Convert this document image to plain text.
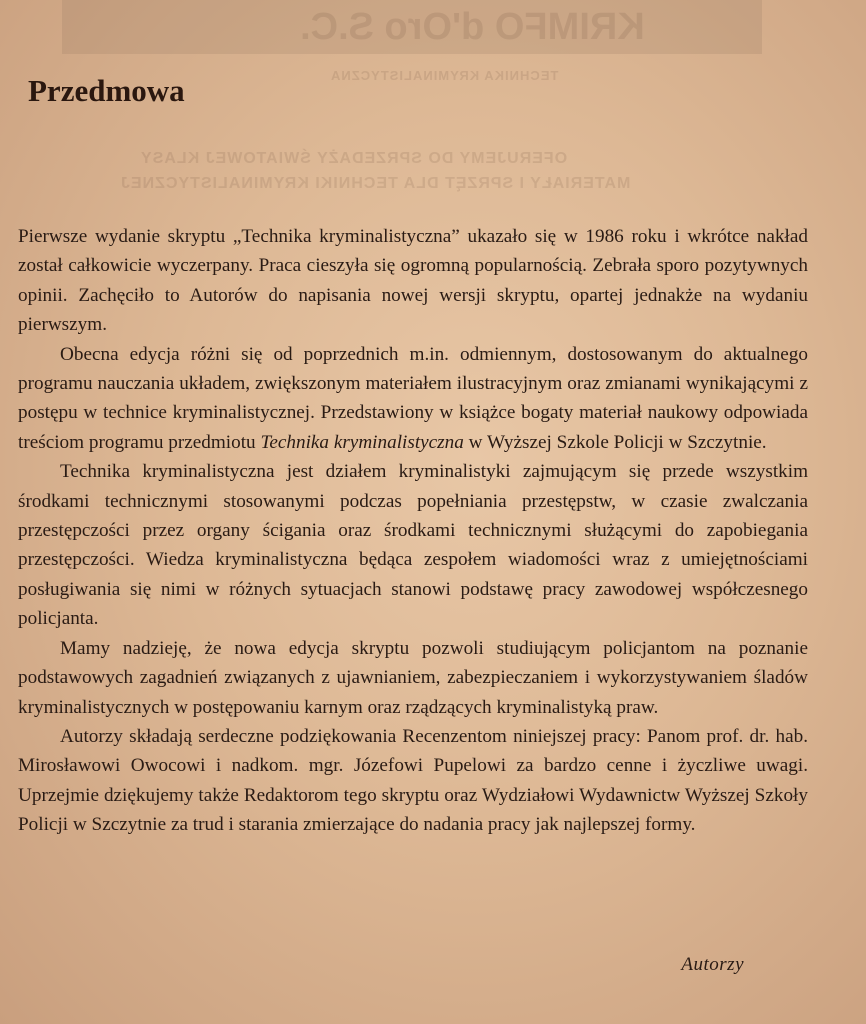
KRIMFO d'Oro S.C.
TECHNIKA KRYMINALISTYCZNA
OFERUJEMY DO SPRZEDAŻY ŚWIATOWEJ KLASY
MATERIAŁY I SPRZĘT DLA TECHNIKI KRYMINALISTYCZNEJ
Przedmowa

Pierwsze wydanie skryptu „Technika kryminalistyczna” ukazało się w 1986 roku i wkrótce nakład został całkowicie wyczerpany. Praca cieszyła się ogromną popularnością. Zebrała sporo pozytywnych opinii. Zachęciło to Autorów do napisania nowej wersji skryptu, opartej jednakże na wydaniu pierwszym.

Obecna edycja różni się od poprzednich m.in. odmiennym, dostosowanym do aktualnego programu nauczania układem, zwiększonym materiałem ilustracyjnym oraz zmianami wynikającymi z postępu w technice kryminalistycznej. Przedstawiony w książce bogaty materiał naukowy odpowiada treściom programu przedmiotu Technika kryminalistyczna w Wyższej Szkole Policji w Szczytnie.

Technika kryminalistyczna jest działem kryminalistyki zajmującym się przede wszystkim środkami technicznymi stosowanymi podczas popełniania przestępstw, w czasie zwalczania przestępczości przez organy ścigania oraz środkami technicznymi służącymi do zapobiegania przestępczości. Wiedza kryminalistyczna będąca zespołem wiadomości wraz z umiejętnościami posługiwania się nimi w różnych sytuacjach stanowi podstawę pracy zawodowej współczesnego policjanta.

Mamy nadzieję, że nowa edycja skryptu pozwoli studiującym policjantom na poznanie podstawowych zagadnień związanych z ujawnianiem, zabezpieczaniem i wykorzystywaniem śladów kryminalistycznych w postępowaniu karnym oraz rządzących kryminalistyką praw.

Autorzy składają serdeczne podziękowania Recenzentom niniejszej pracy: Panom prof. dr. hab. Mirosławowi Owocowi i nadkom. mgr. Józefowi Pupelowi za bardzo cenne i życzliwe uwagi. Uprzejmie dziękujemy także Redaktorom tego skryptu oraz Wydziałowi Wydawnictw Wyższej Szkoły Policji w Szczytnie za trud i starania zmierzające do nadania pracy jak najlepszej formy.

Autorzy
